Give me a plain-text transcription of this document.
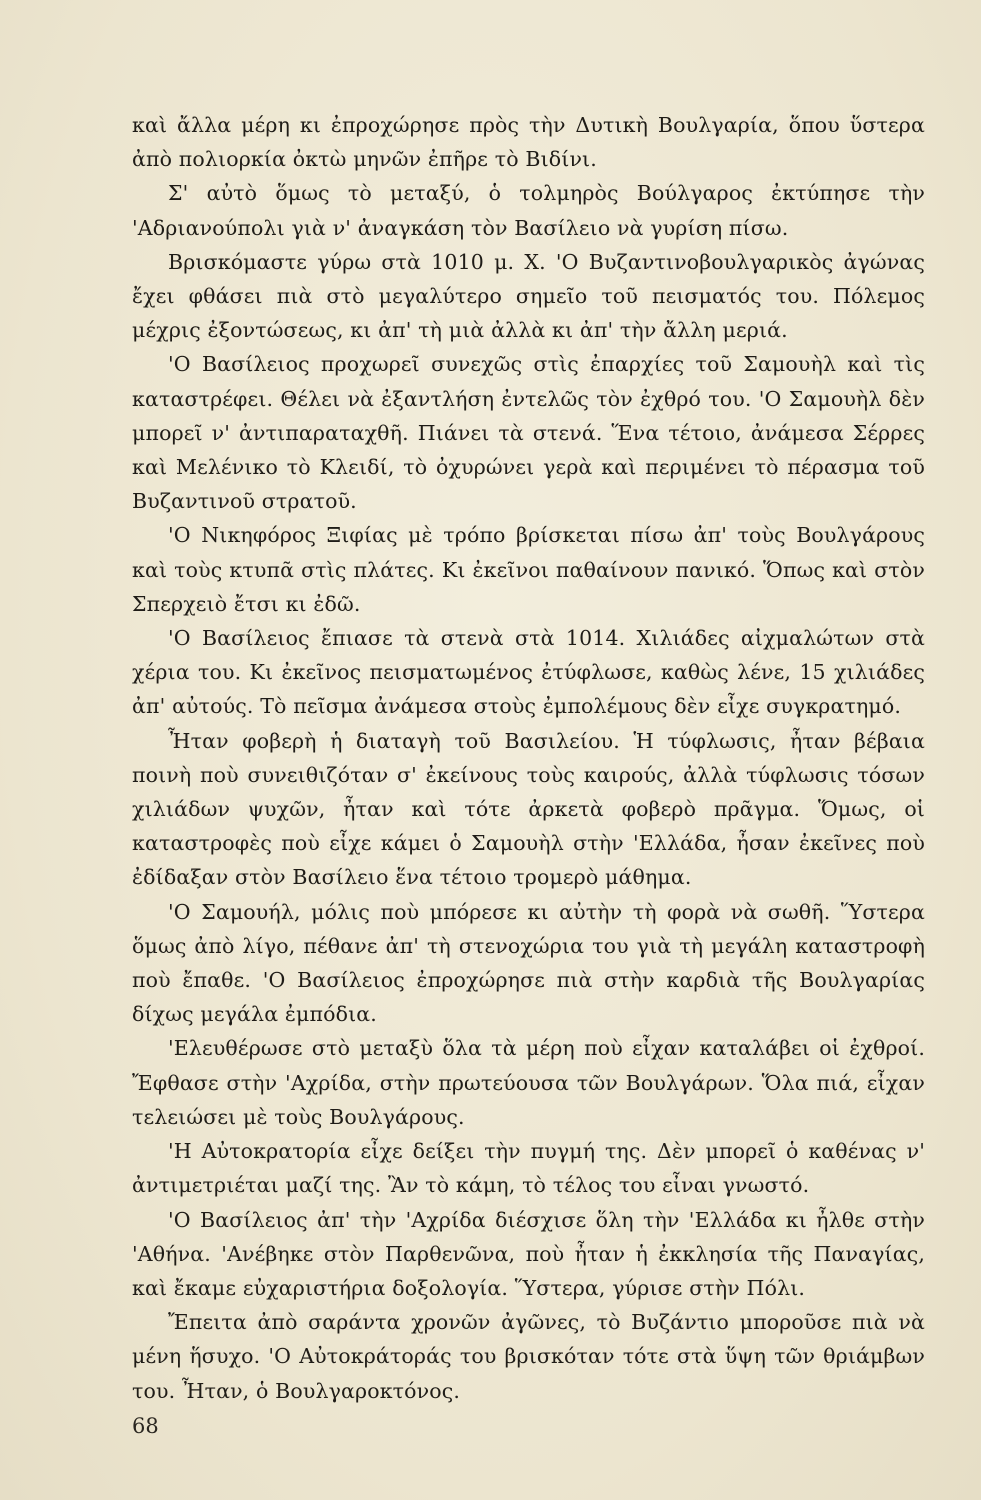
καὶ ἄλλα μέρη κι ἐπροχώρησε πρὸς τὴν Δυτικὴ Βουλγαρία, ὅπου ὕστερα ἀπὸ πολιορκία ὀκτὼ μηνῶν ἐπῆρε τὸ Βιδίνι.

Σ' αὐτὸ ὅμως τὸ μεταξύ, ὁ τολμηρὸς Βούλγαρος ἐκτύπησε τὴν 'Αδριανούπολι γιὰ ν' ἀναγκάση τὸν Βασίλειο νὰ γυρίση πίσω.

Βρισκόμαστε γύρω στὰ 1010 μ. Χ. 'Ο Βυζαντινοβουλγαρικὸς ἀγώνας ἔχει φθάσει πιὰ στὸ μεγαλύτερο σημεῖο τοῦ πεισματός του. Πόλεμος μέχρις ἐξοντώσεως, κι ἀπ' τὴ μιὰ ἀλλὰ κι ἀπ' τὴν ἄλλη μεριά.

'Ο Βασίλειος προχωρεῖ συνεχῶς στὶς ἐπαρχίες τοῦ Σαμουὴλ καὶ τὶς καταστρέφει. Θέλει νὰ ἐξαντλήση ἐντελῶς τὸν ἐχθρό του. 'Ο Σαμουὴλ δὲν μπορεῖ ν' ἀντιπαραταχθῆ. Πιάνει τὰ στενά. Ἕνα τέτοιο, ἀνάμεσα Σέρρες καὶ Μελένικο τὸ Κλειδί, τὸ ὀχυρώνει γερὰ καὶ περιμένει τὸ πέρασμα τοῦ Βυζαντινοῦ στρατοῦ.

'Ο Νικηφόρος Ξιφίας μὲ τρόπο βρίσκεται πίσω ἀπ' τοὺς Βουλγάρους καὶ τοὺς κτυπᾶ στὶς πλάτες. Κι ἐκεῖνοι παθαίνουν πανικό. Ὅπως καὶ στὸν Σπερχειὸ ἔτσι κι ἐδῶ.

'Ο Βασίλειος ἔπιασε τὰ στενὰ στὰ 1014. Χιλιάδες αἰχμαλώτων στὰ χέρια του. Κι ἐκεῖνος πεισματωμένος ἐτύφλωσε, καθὼς λένε, 15 χιλιάδες ἀπ' αὐτούς. Τὸ πεῖσμα ἀνάμεσα στοὺς ἐμπολέμους δὲν εἶχε συγκρατημό.

Ἦταν φοβερὴ ἡ διαταγὴ τοῦ Βασιλείου. Ἡ τύφλωσις, ἦταν βέβαια ποινὴ ποὺ συνειθιζόταν σ' ἐκείνους τοὺς καιρούς, ἀλλὰ τύφλωσις τόσων χιλιάδων ψυχῶν, ἦταν καὶ τότε ἀρκετὰ φοβερὸ πρᾶγμα. Ὅμως, οἱ καταστροφὲς ποὺ εἶχε κάμει ὁ Σαμουὴλ στὴν 'Ελλάδα, ἦσαν ἐκεῖνες ποὺ ἐδίδαξαν στὸν Βασίλειο ἕνα τέτοιο τρομερὸ μάθημα.

'Ο Σαμουήλ, μόλις ποὺ μπόρεσε κι αὐτὴν τὴ φορὰ νὰ σωθῆ. Ὕστερα ὅμως ἀπὸ λίγο, πέθανε ἀπ' τὴ στενοχώρια του γιὰ τὴ μεγάλη καταστροφὴ ποὺ ἔπαθε. 'Ο Βασίλειος ἐπροχώρησε πιὰ στὴν καρδιὰ τῆς Βουλγαρίας δίχως μεγάλα ἐμπόδια.

'Ελευθέρωσε στὸ μεταξὺ ὅλα τὰ μέρη ποὺ εἶχαν καταλάβει οἱ ἐχθροί. Ἔφθασε στὴν 'Αχρίδα, στὴν πρωτεύουσα τῶν Βουλγάρων. Ὅλα πιά, εἶχαν τελειώσει μὲ τοὺς Βουλγάρους.

'Η Αὐτοκρατορία εἶχε δείξει τὴν πυγμή της. Δὲν μπορεῖ ὁ καθένας ν' ἀντιμετριέται μαζί της. Ἂν τὸ κάμη, τὸ τέλος του εἶναι γνωστό.

'Ο Βασίλειος ἀπ' τὴν 'Αχρίδα διέσχισε ὅλη τὴν 'Ελλάδα κι ἦλθε στὴν 'Αθήνα. 'Ανέβηκε στὸν Παρθενῶνα, ποὺ ἦταν ἡ ἐκκλησία τῆς Παναγίας, καὶ ἔκαμε εὐχαριστήρια δοξολογία. Ὕστερα, γύρισε στὴν Πόλι.

Ἔπειτα ἀπὸ σαράντα χρονῶν ἀγῶνες, τὸ Βυζάντιο μποροῦσε πιὰ νὰ μένη ἥσυχο. 'Ο Αὐτοκράτοράς του βρισκόταν τότε στὰ ὕψη τῶν θριάμβων του. Ἦταν, ὁ Βουλγαροκτόνος.

68
